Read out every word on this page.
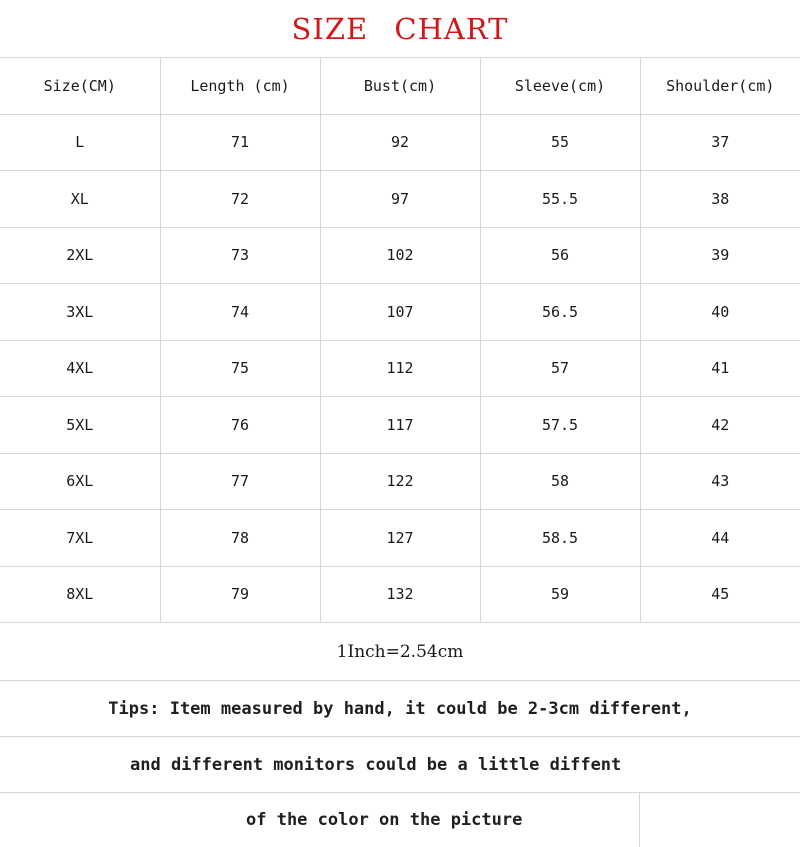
SIZE CHART
Size(CM)	Length (cm)	Bust(cm)	Sleeve(cm)	Shoulder(cm)
L	71	92	55	37
XL	72	97	55.5	38
2XL	73	102	56	39
3XL	74	107	56.5	40
4XL	75	112	57	41
5XL	76	117	57.5	42
6XL	77	122	58	43
7XL	78	127	58.5	44
8XL	79	132	59	45
1Inch=2.54cm
Tips: Item measured by hand, it could be 2-3cm different,
and different monitors could be a little diffent
of the color on the picture
